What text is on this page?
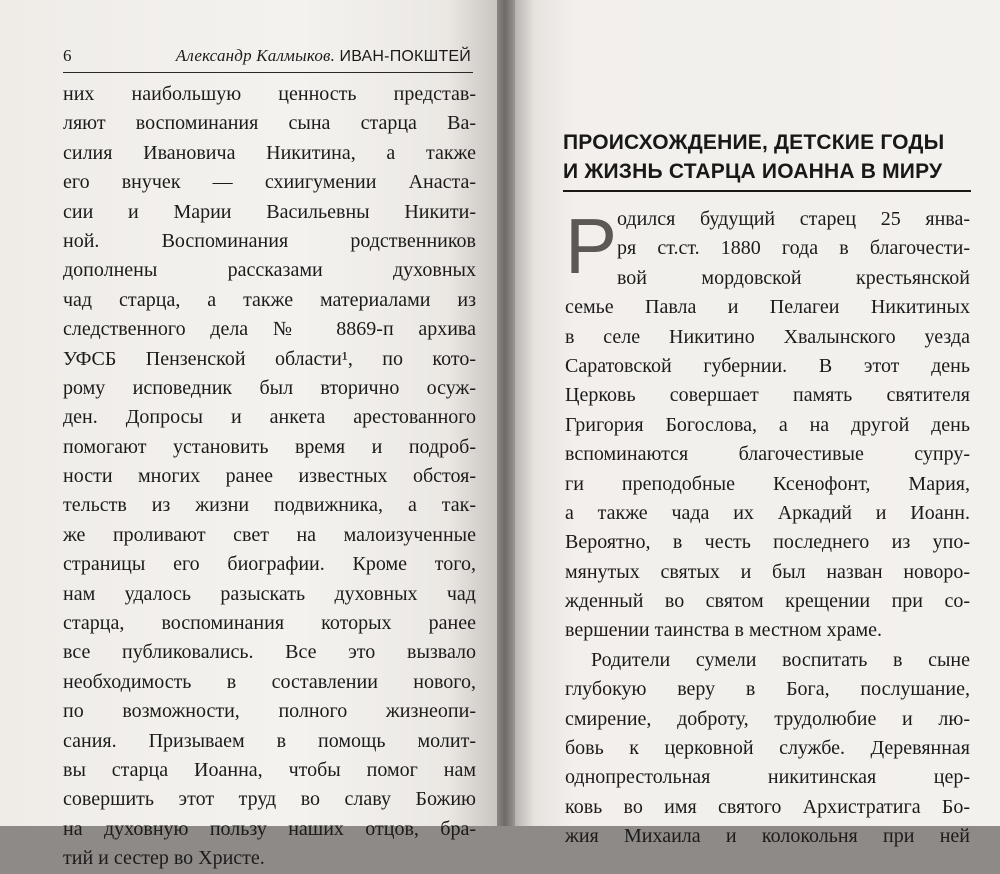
6	Александр Калмыков. ИВАН-ПОКШТЕЙ
них наибольшую ценность представ-
ляют воспоминания сына старца Ва-
силия Ивановича Никитина, а также
его внучек — схиигумении Анаста-
сии и Марии Васильевны Никити-
ной. Воспоминания родственников
дополнены рассказами духовных
чад старца, а также материалами из
следственного дела № 8869-п архива
УФСБ Пензенской области¹, по кото-
рому исповедник был вторично осуж-
ден. Допросы и анкета арестованного
помогают установить время и подроб-
ности многих ранее известных обстоя-
тельств из жизни подвижника, а так-
же проливают свет на малоизученные
страницы его биографии. Кроме того,
нам удалось разыскать духовных чад
старца, воспоминания которых ранее
все публиковались. Все это вызвало
необходимость в составлении нового,
по возможности, полного жизнеопи-
сания. Призываем в помощь молит-
вы старца Иоанна, чтобы помог нам
совершить этот труд во славу Божию
на духовную пользу наших отцов, бра-
тий и сестер во Христе.
ПРОИСХОЖДЕНИЕ, ДЕТСКИЕ ГОДЫ
И ЖИЗНЬ СТАРЦА ИОАННА В МИРУ
Р одился будущий старец 25 янва-
ря ст.ст. 1880 года в благочести-
вой мордовской крестьянской
семье Павла и Пелагеи Никитиных
в селе Никитино Хвалынского уезда
Саратовской губернии. В этот день
Церковь совершает память святителя
Григория Богослова, а на другой день
вспоминаются благочестивые супру-
ги преподобные Ксенофонт, Мария,
а также чада их Аркадий и Иоанн.
Вероятно, в честь последнего из упо-
мянутых святых и был назван новоро-
жденный во святом крещении при со-
вершении таинства в местном храме.
Родители сумели воспитать в сыне
глубокую веру в Бога, послушание,
смирение, доброту, трудолюбие и лю-
бовь к церковной службе. Деревянная
однопрестольная никитинская цер-
ковь во имя святого Архистратига Бо-
жия Михаила и колокольня при ней
